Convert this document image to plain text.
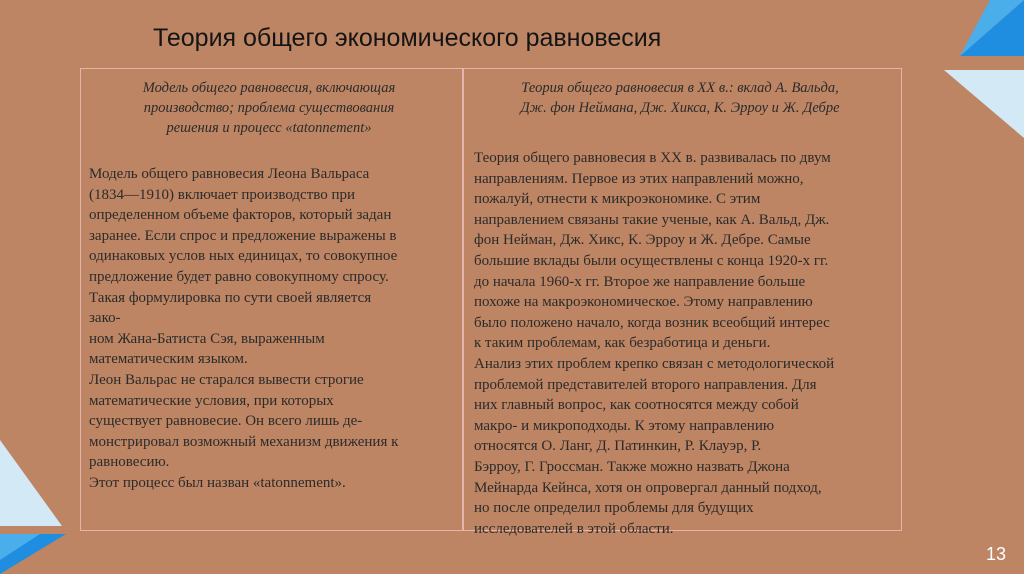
Теория общего экономического равновесия
Модель общего равновесия, включающая
производство; проблема существования
решения и процесс «tatonnement»

Модель общего равновесия Леона Вальраса

(1834—1910) включает производство при

определенном объеме факторов, который задан

заранее. Если спрос и предложение выражены в

одинаковых услов ных единицах, то совокупное

предложение будет равно совокупному спросу.

Такая формулировка по сути своей является

зако-

ном Жана-Батиста Сэя, выраженным

математическим языком.

Леон Вальрас не старался вывести строгие

математические условия, при которых

существует равновесие. Он всего лишь де-

монстрировал возможный механизм движения к

равновесию.

Этот процесс был назван «tatonnement».

Теория общего равновесия в XX в.: вклад А. Вальда,
Дж. фон Неймана, Дж. Хикса, К. Эрроу и Ж. Дебре

Теория общего равновесия в XX в. развивалась по двум

направлениям. Первое из этих направлений можно,

пожалуй, отнести к микроэкономике. С этим

направлением связаны такие ученые, как А. Вальд, Дж.

фон Нейман, Дж. Хикс, К. Эрроу и Ж. Дебре. Самые

большие вклады были осуществлены с конца 1920-х гг.

до начала 1960-х гг. Второе же направление больше

похоже на макроэкономическое. Этому направлению

было положено начало, когда возник всеобщий интерес

к таким проблемам, как безработица и деньги.

Анализ этих проблем крепко связан с методологической

проблемой представителей второго направления. Для

них главный вопрос, как соотносятся между собой

макро- и микроподходы. К этому направлению

относятся О. Ланг, Д. Патинкин, Р. Клауэр, Р.

Бэрроу, Г. Гроссман. Также можно назвать Джона

Мейнарда Кейнса, хотя он опровергал данный подход,

но после определил проблемы для будущих

исследователей в этой области.

13
